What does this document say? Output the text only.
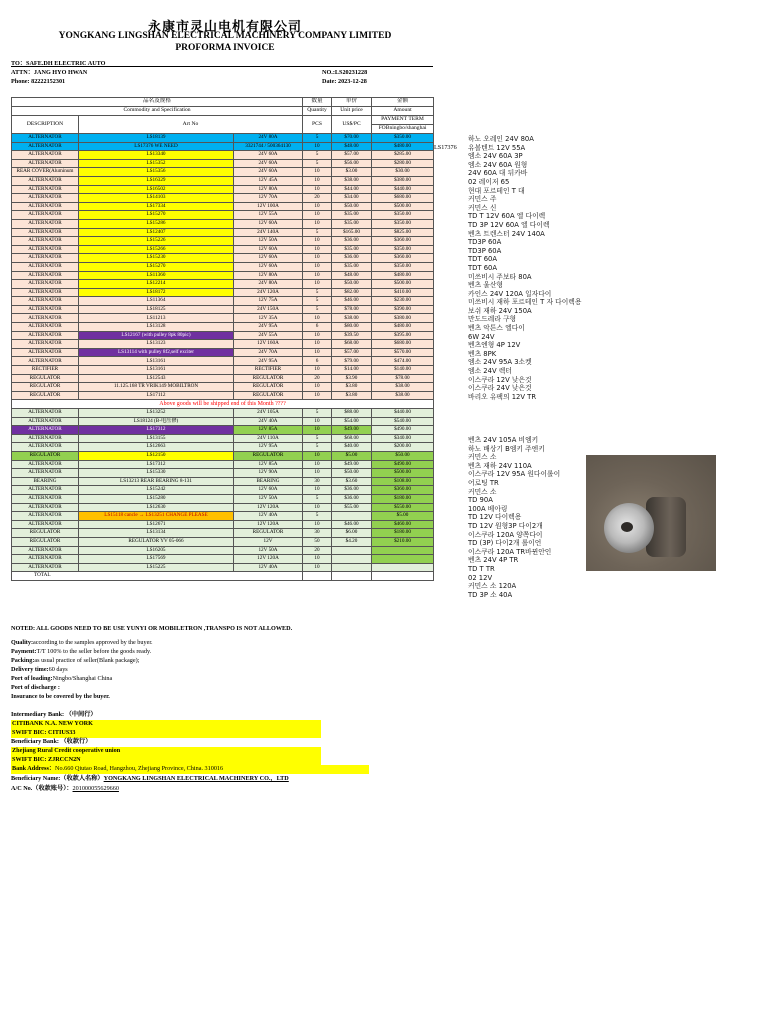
永康市灵山电机有限公司
YONGKANG LINGSHAN ELECTRICAL MACHINERY COMPANY LIMITED
PROFORMA INVOICE
TO：SAFE.DH ELECTRIC AUTO
ATTN：JANG HYO HWAN
Phone: 82222152301
NO.:LS20231228
Date: 2023-12-28
品名及规格			数量	单价	金额
Commodity and Specification			Quantity	Unit price	Amount
DESCRIPTION	Art No		PCS	US$/PC	PAYMENT TERM
					FOBningbo/shanghai
ALTERNATOR	LS18139	24V 80A	5	$70.00	$350.00
ALTERNATOR	LS17376 WE NEED	3321744 / 500364130	10	$48.00	$480.00
ALTERNATOR	LS13340	24V 60A	5	$57.00	$285.00
ALTERNATOR	LS15352	24V 60A	5	$56.00	$280.00
REAR COVER(Aluminum	LS15356	24V 60A	10	$3.00	$30.00
ALTERNATOR	LS16329	12V 45A	10	$38.00	$380.00
ALTERNATOR	LS16502	12V 80A	10	$44.00	$440.00
ALTERNATOR	LS14103	12V 70A	20	$34.00	$680.00
ALTERNATOR	LS17334	12V 100A	10	$50.00	$500.00
ALTERNATOR	LS15270	12V 55A	10	$35.00	$350.00
ALTERNATOR	LS15286	12V 60A	10	$35.00	$350.00
ALTERNATOR	LS12407	24V 140A	5	$165.00	$825.00
ALTERNATOR	LS15226	12V 50A	10	$36.00	$360.00
ALTERNATOR	LS15266	12V 60A	10	$35.00	$350.00
ALTERNATOR	LS15230	12V 60A	10	$36.00	$360.00
ALTERNATOR	LS15270	12V 60A	10	$35.00	$350.00
ALTERNATOR	LS11360	12V 80A	10	$48.00	$480.00
ALTERNATOR	LS12214	24V 80A	10	$50.00	$500.00
ALTERNATOR	LS18172	24V 120A	5	$82.00	$410.00
ALTERNATOR	LS11364	12V 75A	5	$46.00	$230.00
ALTERNATOR	LS18125	24V 150A	5	$78.00	$390.00
ALTERNATOR	LS11213	12V 35A	10	$38.00	$380.00
ALTERNATOR	LS13128	24V 95A	6	$80.00	$480.00
ALTERNATOR	LS12167 (with pulley 8pk 80pic)	24V 55A	10	$39.50	$395.00
ALTERNATOR	LS13123	12V 160A	10	$68.00	$680.00
ALTERNATOR	LS13114 with pulley 8f2,self exciter	24V 70A	10	$57.00	$570.00
ALTERNATOR	LS13161	24V 95A	6	$79.00	$474.00
RECTIFIER	LS13161	RECTIFIER	10	$14.00	$140.00
REGULATOR	LS12543	REGULATOR	20	$3.90	$78.00
REGULATOR	11.125.168 TR VRIK149 MOBILTRON	REGULATOR	10	$3.80	$38.00
REGULATOR	LS17112	REGULATOR	10	$3.80	$38.00
Above goods will be shipped end of this Month ????					
ALTERNATOR	LS13252	24V 105A	5	$88.00	$440.00
ALTERNATOR	LS18124 (B-电压修)	24V 40A	10	$54.00	$540.00
ALTERNATOR	LS17312	12V 85A	10	$49.00	$490.00
ALTERNATOR	LS13155	24V 110A	5	$68.00	$340.00
ALTERNATOR	LS12663	12V 95A	5	$40.00	$200.00
REGULATOR	LS12150	REGULATOR	10	$5.00	$50.00
ALTERNATOR	LS17312	12V 85A	10	$49.00	$490.00
ALTERNATOR	LS15330	12V 90A	10	$50.00	$500.00
BEARING	LS13213 REAR BEARING 8-131	BEARING	30	$3.60	$108.00
ALTERNATOR	LS15242	12V 60A	10	$36.00	$360.00
ALTERNATOR	LS15280	12V 50A	5	$36.00	$180.00
ALTERNATOR	LS12630	12V 120A	10	$55.00	$550.00
ALTERNATOR	LS15118 cancle → LS13251 CHANGE PLEASE	12V 40A	5		$5.00
ALTERNATOR	LS12671	12V 120A	10	$46.00	$460.00
REGULATOR	LS13134	REGULATOR	30	$6.00	$180.00
REGULATOR	REGULATOR YV 05-066	12V	50	$4.20	$210.00
ALTERNATOR	LS16205	12V 50A	20		
ALTERNATOR	LS17569	12V 120A	10		
ALTERNATOR	LS15225	12V 40A	10		
TOTAL					
LS17376
하노 오레인 24V 80A
유볼텐트 12V 55A
엠소 24V 60A 3P
엠소 24V 60A 원형
24V 60A 대 뒤카바
02 레이저 65
현대 포르테인 T 대
커민스 주
커민스 신
TD T 12V 60A 엘 다이렉
TD 3P 12V 60A 엘 다이렉
벤츠 트렌스터 24V 140A
TD3P 60A
TD3P 60A
TDT 60A
TDT 60A
미쓰비시 주보타 80A
벤츠 울산형
카인스 24V 120A 일자다이
미쓰비시 재하 포르테인 T 자 다이렉용
보쉬 재하 24V 150A
만도드레라 구형
벤츠 악튼스 엘다이
6W 24V
벤츠엔형 4P 12V
벤츠 8PK
엠소 24V 95A 3소켓
엠소 24V 렉터
이스쿠라 12V 낮은것
이스쿠라 24V 낮은것
바리오 유팩의 12V TR
벤츠 24V 105A 비엠키
하노 배상기 B엠키 주엔키
커민스 소
벤츠 재하 24V 110A
이스쿠라 12V 95A 원다이롤이
어로팅 TR
커민스 소
TD 90A
100A 베아링
TD 12V 다이렉용
TD 12V 원형3P 다이2개
이스쿠라 120A 양쪽다이
TD (3P) 다이2개 롤이언
이스쿠라 120A TR바뀐안인
벤츠 24V 4P TR
TD T TR
02 12V
커민스 소 120A
TD 3P 소 40A
NOTED: ALL GOODS NEED TO BE USE YUNYI OR MOBILETRON ,TRANSPO IS NOT ALLOWED.
Quality:according to the samples approved by the buyer.
Payment:T/T 100% to the seller before the goods ready.
Packing:as usual practice of seller(Blank package);
Delivery time:60 days
Port of loading:Ningbo/Shanghai China
Port of discharge :
Insurance to be covered by the buyer.
Intermediary Bank: （中间行）
CITIBANK N.A. NEW YORK
SWIFT BIC: CITIUS33
Beneficiary Bank: （收款行）
Zhejiang Rural Credit cooperative union
SWIFT BIC: ZJRCCN2N
Bank Address：No.660 Qiutao Road, Hangzhou, Zhejiang Province, China. 310016
Beneficiary Name:（收款人名称）YONGKANG LINGSHAN ELECTRICAL MACHINERY CO.，LTD
A/C No.（收款账号）：201000055629660
